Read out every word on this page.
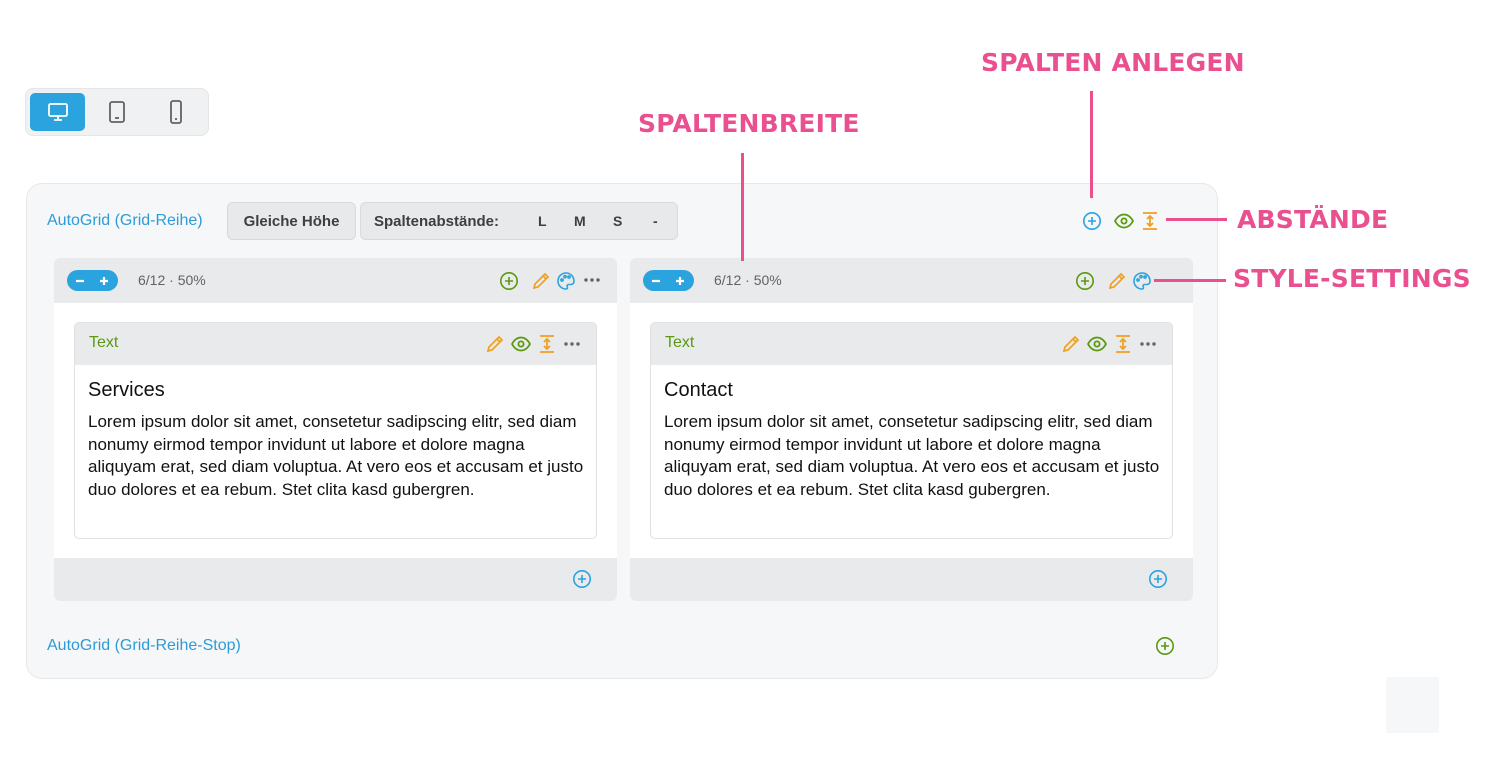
AutoGrid (Grid-Reihe)	Gleiche Höhe	Spaltenabstände:	L M S -
6/12 · 50%
Text
Services
Lorem ipsum dolor sit amet, consetetur sadipscing elitr, sed diam nonumy eirmod tempor invidunt ut labore et dolore magna aliquyam erat, sed diam voluptua. At vero eos et accusam et justo duo dolores et ea rebum. Stet clita kasd gubergren.
6/12 · 50%
Text
Contact
Lorem ipsum dolor sit amet, consetetur sadipscing elitr, sed diam nonumy eirmod tempor invidunt ut labore et dolore magna aliquyam erat, sed diam voluptua. At vero eos et accusam et justo duo dolores et ea rebum. Stet clita kasd gubergren.
AutoGrid (Grid-Reihe-Stop)
SPALTEN ANLEGEN
SPALTENBREITE
ABSTÄNDE
STYLE-SETTINGS
